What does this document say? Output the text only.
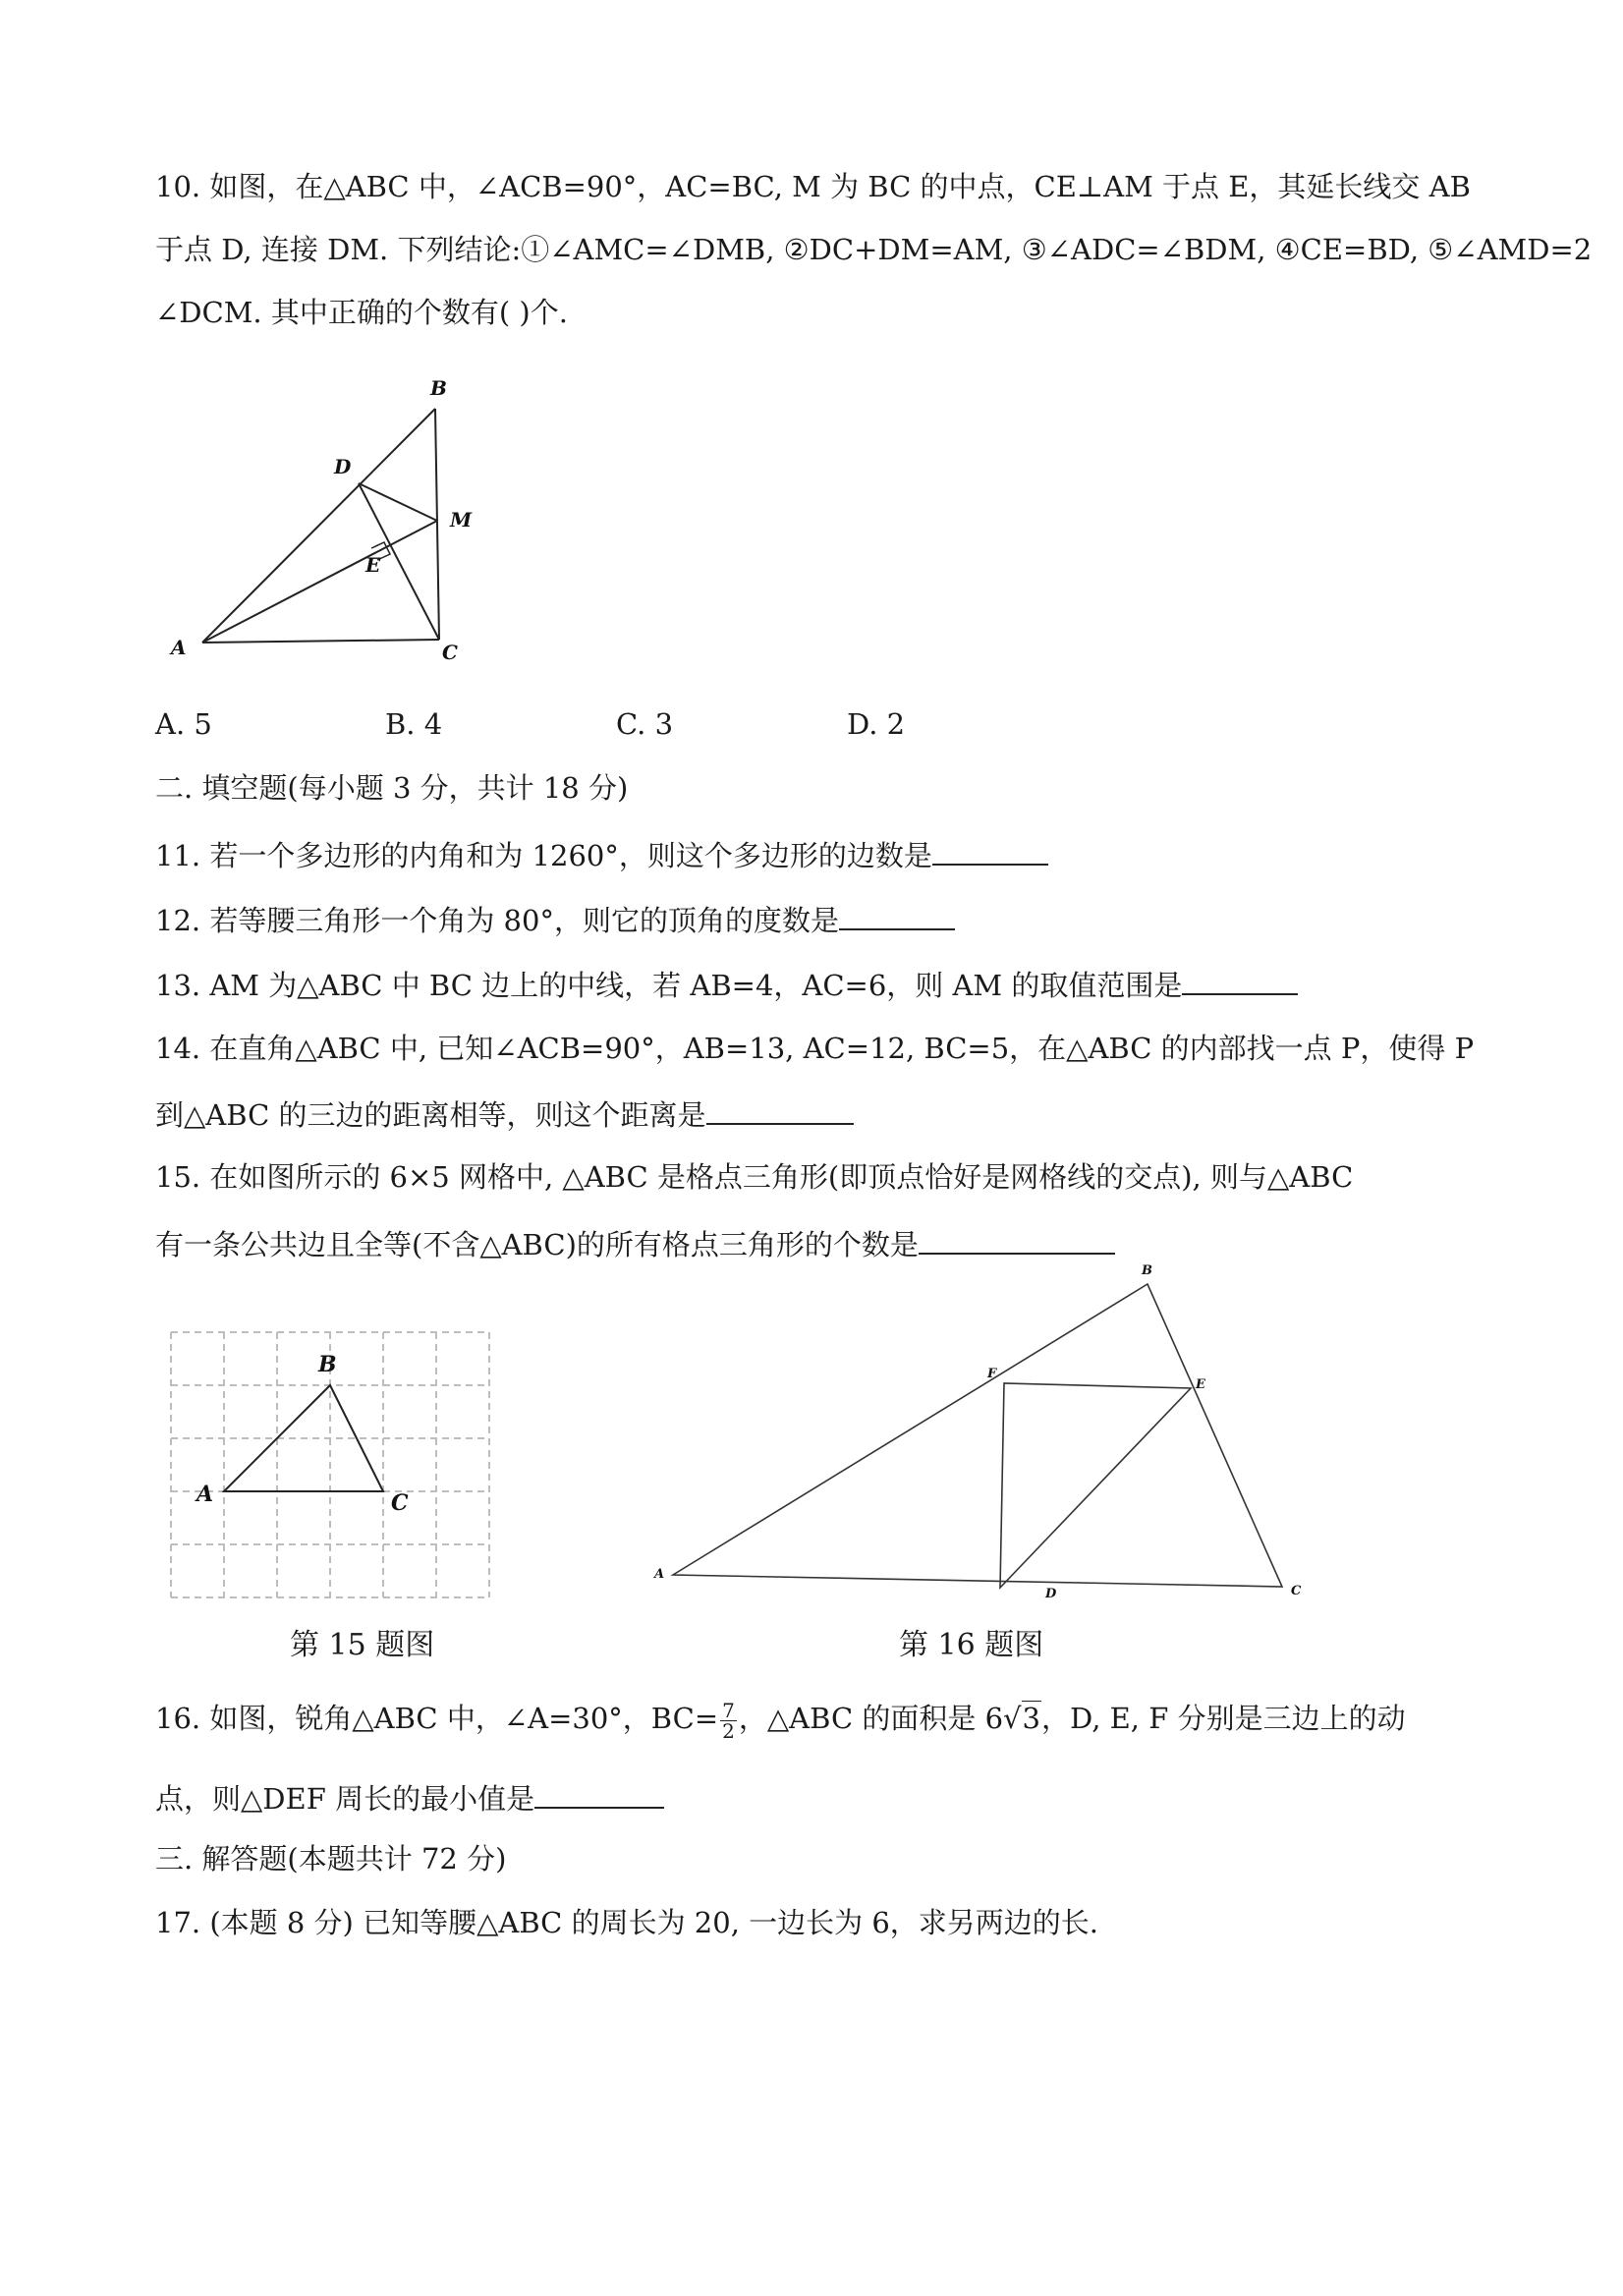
10. 如图，在△ABC 中，∠ACB=90°，AC=BC, M 为 BC 的中点，CE⊥AM 于点 E，其延长线交 AB
于点 D, 连接 DM. 下列结论:①∠AMC=∠DMB, ②DC+DM=AM, ③∠ADC=∠BDM, ④CE=BD, ⑤∠AMD=2
∠DCM. 其中正确的个数有( )个.
B
D
M
E
A	C
A. 5	B. 4	C. 3	D. 2
二. 填空题(每小题 3 分，共计 18 分)
11. 若一个多边形的内角和为 1260°，则这个多边形的边数是
12. 若等腰三角形一个角为 80°，则它的顶角的度数是
13. AM 为△ABC 中 BC 边上的中线，若 AB=4，AC=6，则 AM 的取值范围是
14. 在直角△ABC 中, 已知∠ACB=90°，AB=13, AC=12, BC=5，在△ABC 的内部找一点 P，使得 P
到△ABC 的三边的距离相等，则这个距离是
15. 在如图所示的 6×5 网格中, △ABC 是格点三角形(即顶点恰好是网格线的交点), 则与△ABC
有一条公共边且全等(不含△ABC)的所有格点三角形的个数是
B
A	C
第 15 题图
B
F
E
A
D	C
第 16 题图
16. 如图，锐角△ABC 中，∠A=30°，$BC= \frac{7}{2}$ ，△ABC 的面积是 6√3，D, E, F 分别是三边上的动
点，则△DEF 周长的最小值是
三. 解答题(本题共计 72 分)
17. (本题 8 分) 已知等腰△ABC 的周长为 20, 一边长为 6，求另两边的长.
